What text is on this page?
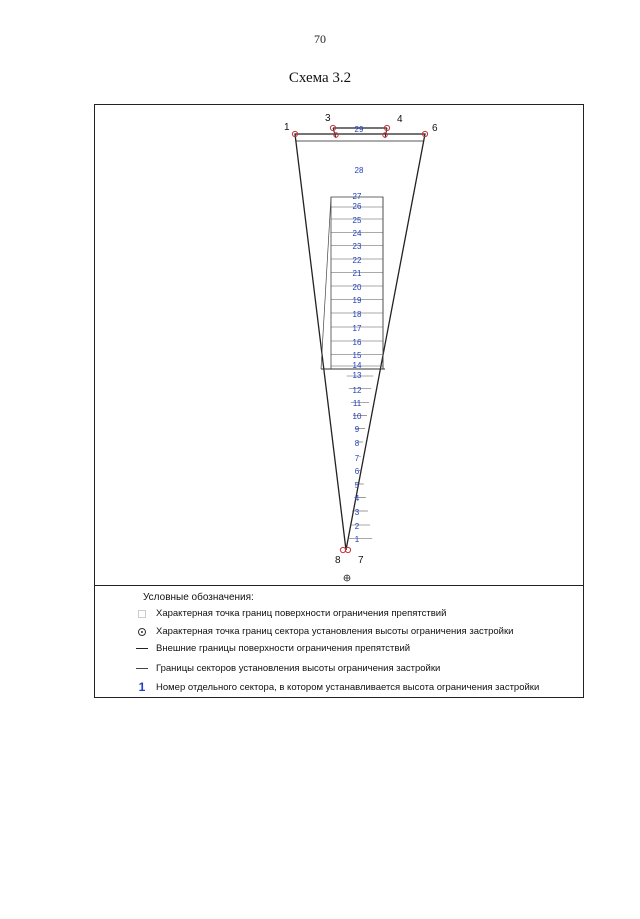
70
Схема 3.2
29
28
27
26
25
24
23
22
21
20
19
18
17
16
15
14
13
12
11
10
9
8
7
6
5
4
3
2
1
1
3	4
6
8 7
Условные обозначения:
Характерная точка границ поверхности ограничения препятствий
Характерная точка границ сектора установления высоты ограничения застройки
Внешние границы поверхности ограничения препятствий
Границы секторов установления высоты ограничения застройки
1	Номер отдельного сектора, в котором устанавливается высота ограничения застройки
